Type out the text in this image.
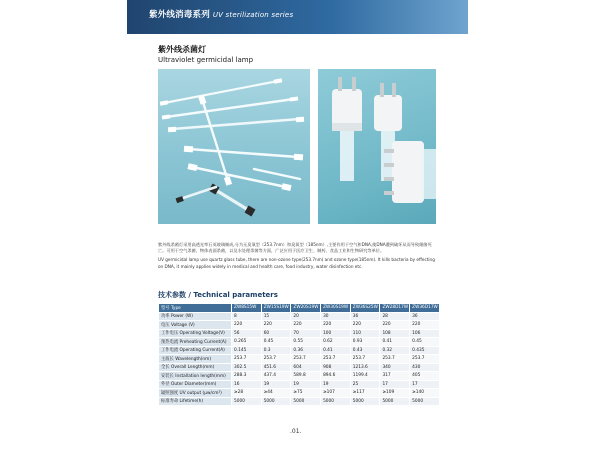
紫外线消毒系列 UV sterilization series
紫外线杀菌灯
Ultraviolet germicidal lamp

紫外线杀菌灯采用高透光率石英玻璃制成,分为无臭氧型（253.7nm）和臭氧型（185nm）,主要作用于空气和DNA,使DNA遭到破坏从而导致细菌死亡。可用于空气杀菌、物体表面杀菌，以及水处理杀菌等方面，广泛应用于医疗卫生、制药、食品工业和生物研究等单位。

UV germicidal lamp use quartz glass tube, there are non-ozone type(253.7nm) and ozone type(185nm). It kills bacteria by effecting on DNA, it mainly applies widely in medical and health care, food industry, water disinfection etc.

技术参数 / Technical parameters
型号 Type	ZW8S15W	ZW15S19W	ZW20S19W	ZW30S19W	ZW36S25W	ZW28D17W	ZW36D17W
功率 Power (W)	8	15	20	30	36	28	36
电压 Voltage (V)	220	220	220	220	220	220	220
工作电压 Operating Voltage(V)	56	60	70	100	110	108	106
预热电流 Preheating Current(A)	0.265	0.45	0.55	0.62	0.93	0.41	0.45
工作电流 Operating Current(A)	0.145	0.3	0.36	0.41	0.43	0.32	0.435
主波长 Wavelength(nm)	253.7	253.7	253.7	253.7	253.7	253.7	253.7
全长 Overall Length(mm)	302.5	451.6	604	908	1213.6	340	430
安装长 Installation length(mm)	288.3	437.4	589.8	894.6	1199.4	317	405
外径 Outer Diameter(mm)	16	19	19	19	25	17	17
辐照强度 UV output (μw/cm²)	≥28	≥44	≥75	≥107	≥117	≥109	≥140
标准寿命 Lifetime(h)	5000	5000	5000	5000	5000	5000	5000
.01.
